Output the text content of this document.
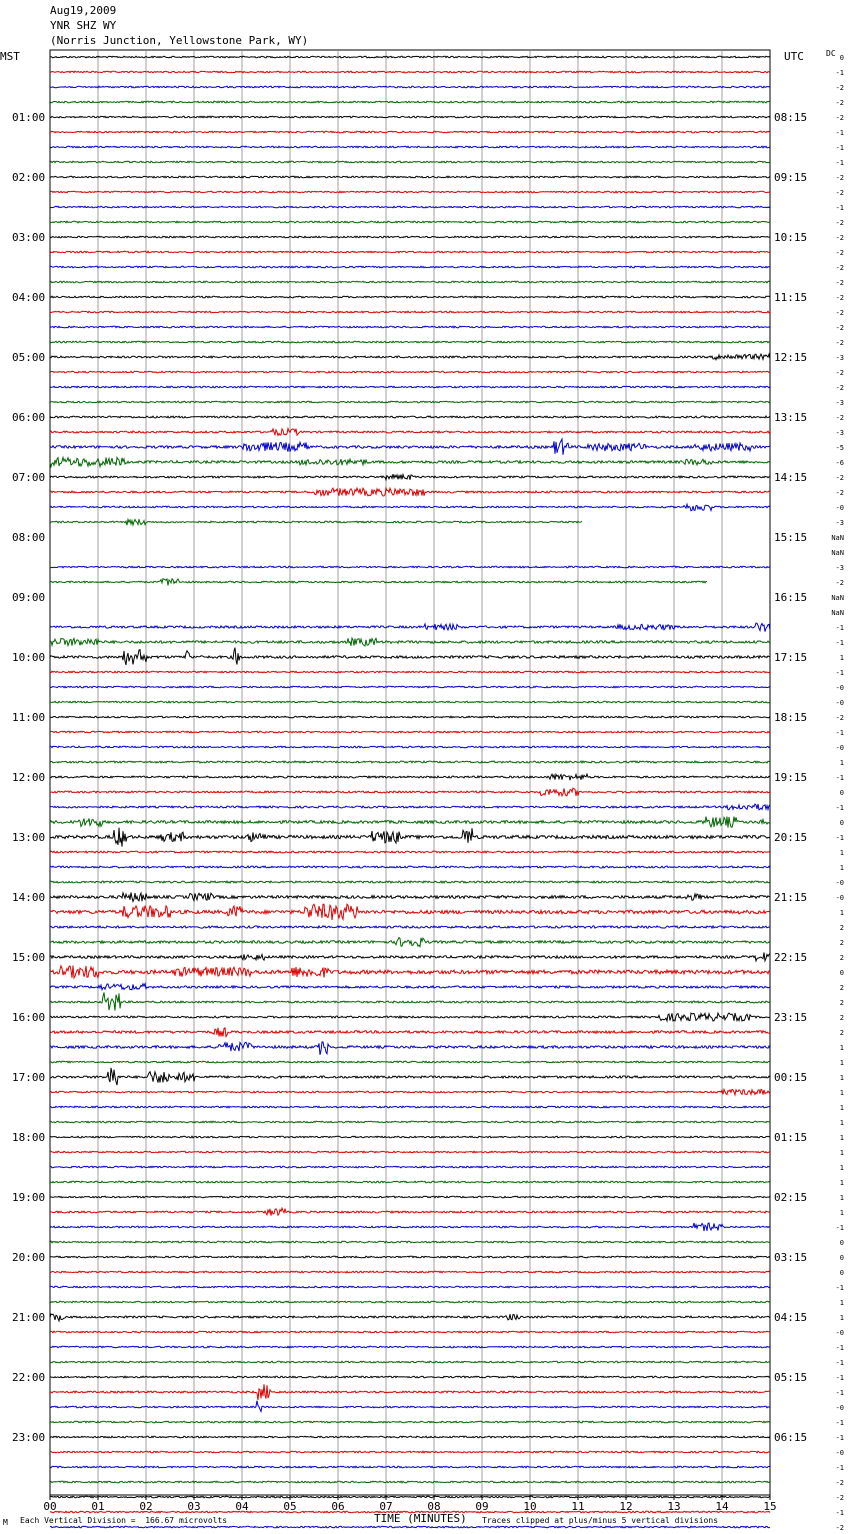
Aug19,2009
YNR SHZ WY
(Norris Junction, Yellowstone Park, WY)
MST	UTC	DC
01:00
02:00
03:00
04:00
05:00
06:00
07:00
08:00
09:00
10:00
11:00
12:00
13:00
14:00
15:00
16:00
17:00
18:00
19:00
20:00
21:00
22:00
23:00
08:15
09:15
10:15
11:15
12:15
13:15
14:15
15:15
16:15
17:15
18:15
19:15
20:15
21:15
22:15
23:15
00:15
01:15
02:15
03:15
04:15
05:15
06:15
0
-1
-2
-2
-2
-1
-1
-1
-2
-2
-1
-2
-2
-2
-2
-2
-2
-2
-2
-2
-3
-2
-2
-3
-2
-3
-5
-6
-2
-2
-0
-3
NaN
NaN
-3
-2
NaN
NaN
-1
-1
1
-1
-0
-0
-2
-1
-0
1
-1
0
-1
0
-1
1
1
-0
-0
1
2
2
2
0
2
2
2
2
1
1
1
1
1
1
1
1
1
1
1
1
-1
0
0
0
-1
1
1
-0
-1
-1
-1
-1
-0
-1
-1
-0
-1
-2
-2
-1
-2
00	01	02	03	04	05	06	07	08	09	10	11	12	13	14	15
M Each Vertical Division =  166.67 microvolts	TIME (MINUTES) Traces clipped at plus/minus 5 vertical divisions
